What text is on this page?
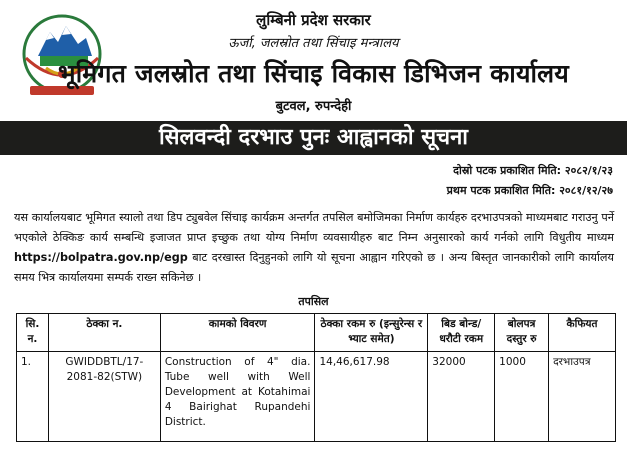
लुम्बिनी प्रदेश सरकार
ऊर्जा, जलस्रोत तथा सिंचाइ मन्त्रालय
भूमिगत जलस्रोत तथा सिंचाइ विकास डिभिजन कार्यालय
बुटवल, रुपन्देही
सिलवन्दी दरभाउ पुनः आह्वानको सूचना
दोस्रो पटक प्रकाशित मिति: २०८२/१/२३
प्रथम पटक प्रकाशित मिति: २०८१/१२/२७
यस कार्यालयबाट भूमिगत स्यालो तथा डिप ट्युबवेल सिंचाइ कार्यक्रम अन्तर्गत तपसिल बमोजिमका निर्माण कार्यहरु दरभाउपत्रको माध्यमबाट गराउनु पर्ने भएकोले ठेक्किङ कार्य सम्बन्धि इजाजत प्राप्त इच्छुक तथा योग्य निर्माण व्यवसायीहरु बाट निम्न अनुसारको कार्य गर्नको लागि विधुतीय माध्यम https://bolpatra.gov.np/egp बाट दरखास्त दिनुहुनको लागि यो सूचना आह्वान गरिएको छ । अन्य बिस्तृत जानकारीको लागि कार्यालय समय भित्र कार्यालयमा सम्पर्क राख्न सकिनेछ ।
तपसिल
सि. न.	ठेक्का न.	कामको विवरण	ठेक्का रकम रु (इन्सुरेन्स र भ्याट समेत)	बिड बोन्ड/ धरौटी रकम	बोलपत्र दस्तुर रु	कैफियत
1.	GWIDDBTL/17-2081-82(STW)	Construction of 4" dia. Tube well with Well Development at Kotahimai 4 Bairighat Rupandehi District.	14,46,617.98	32000	1000	दरभाउपत्र
